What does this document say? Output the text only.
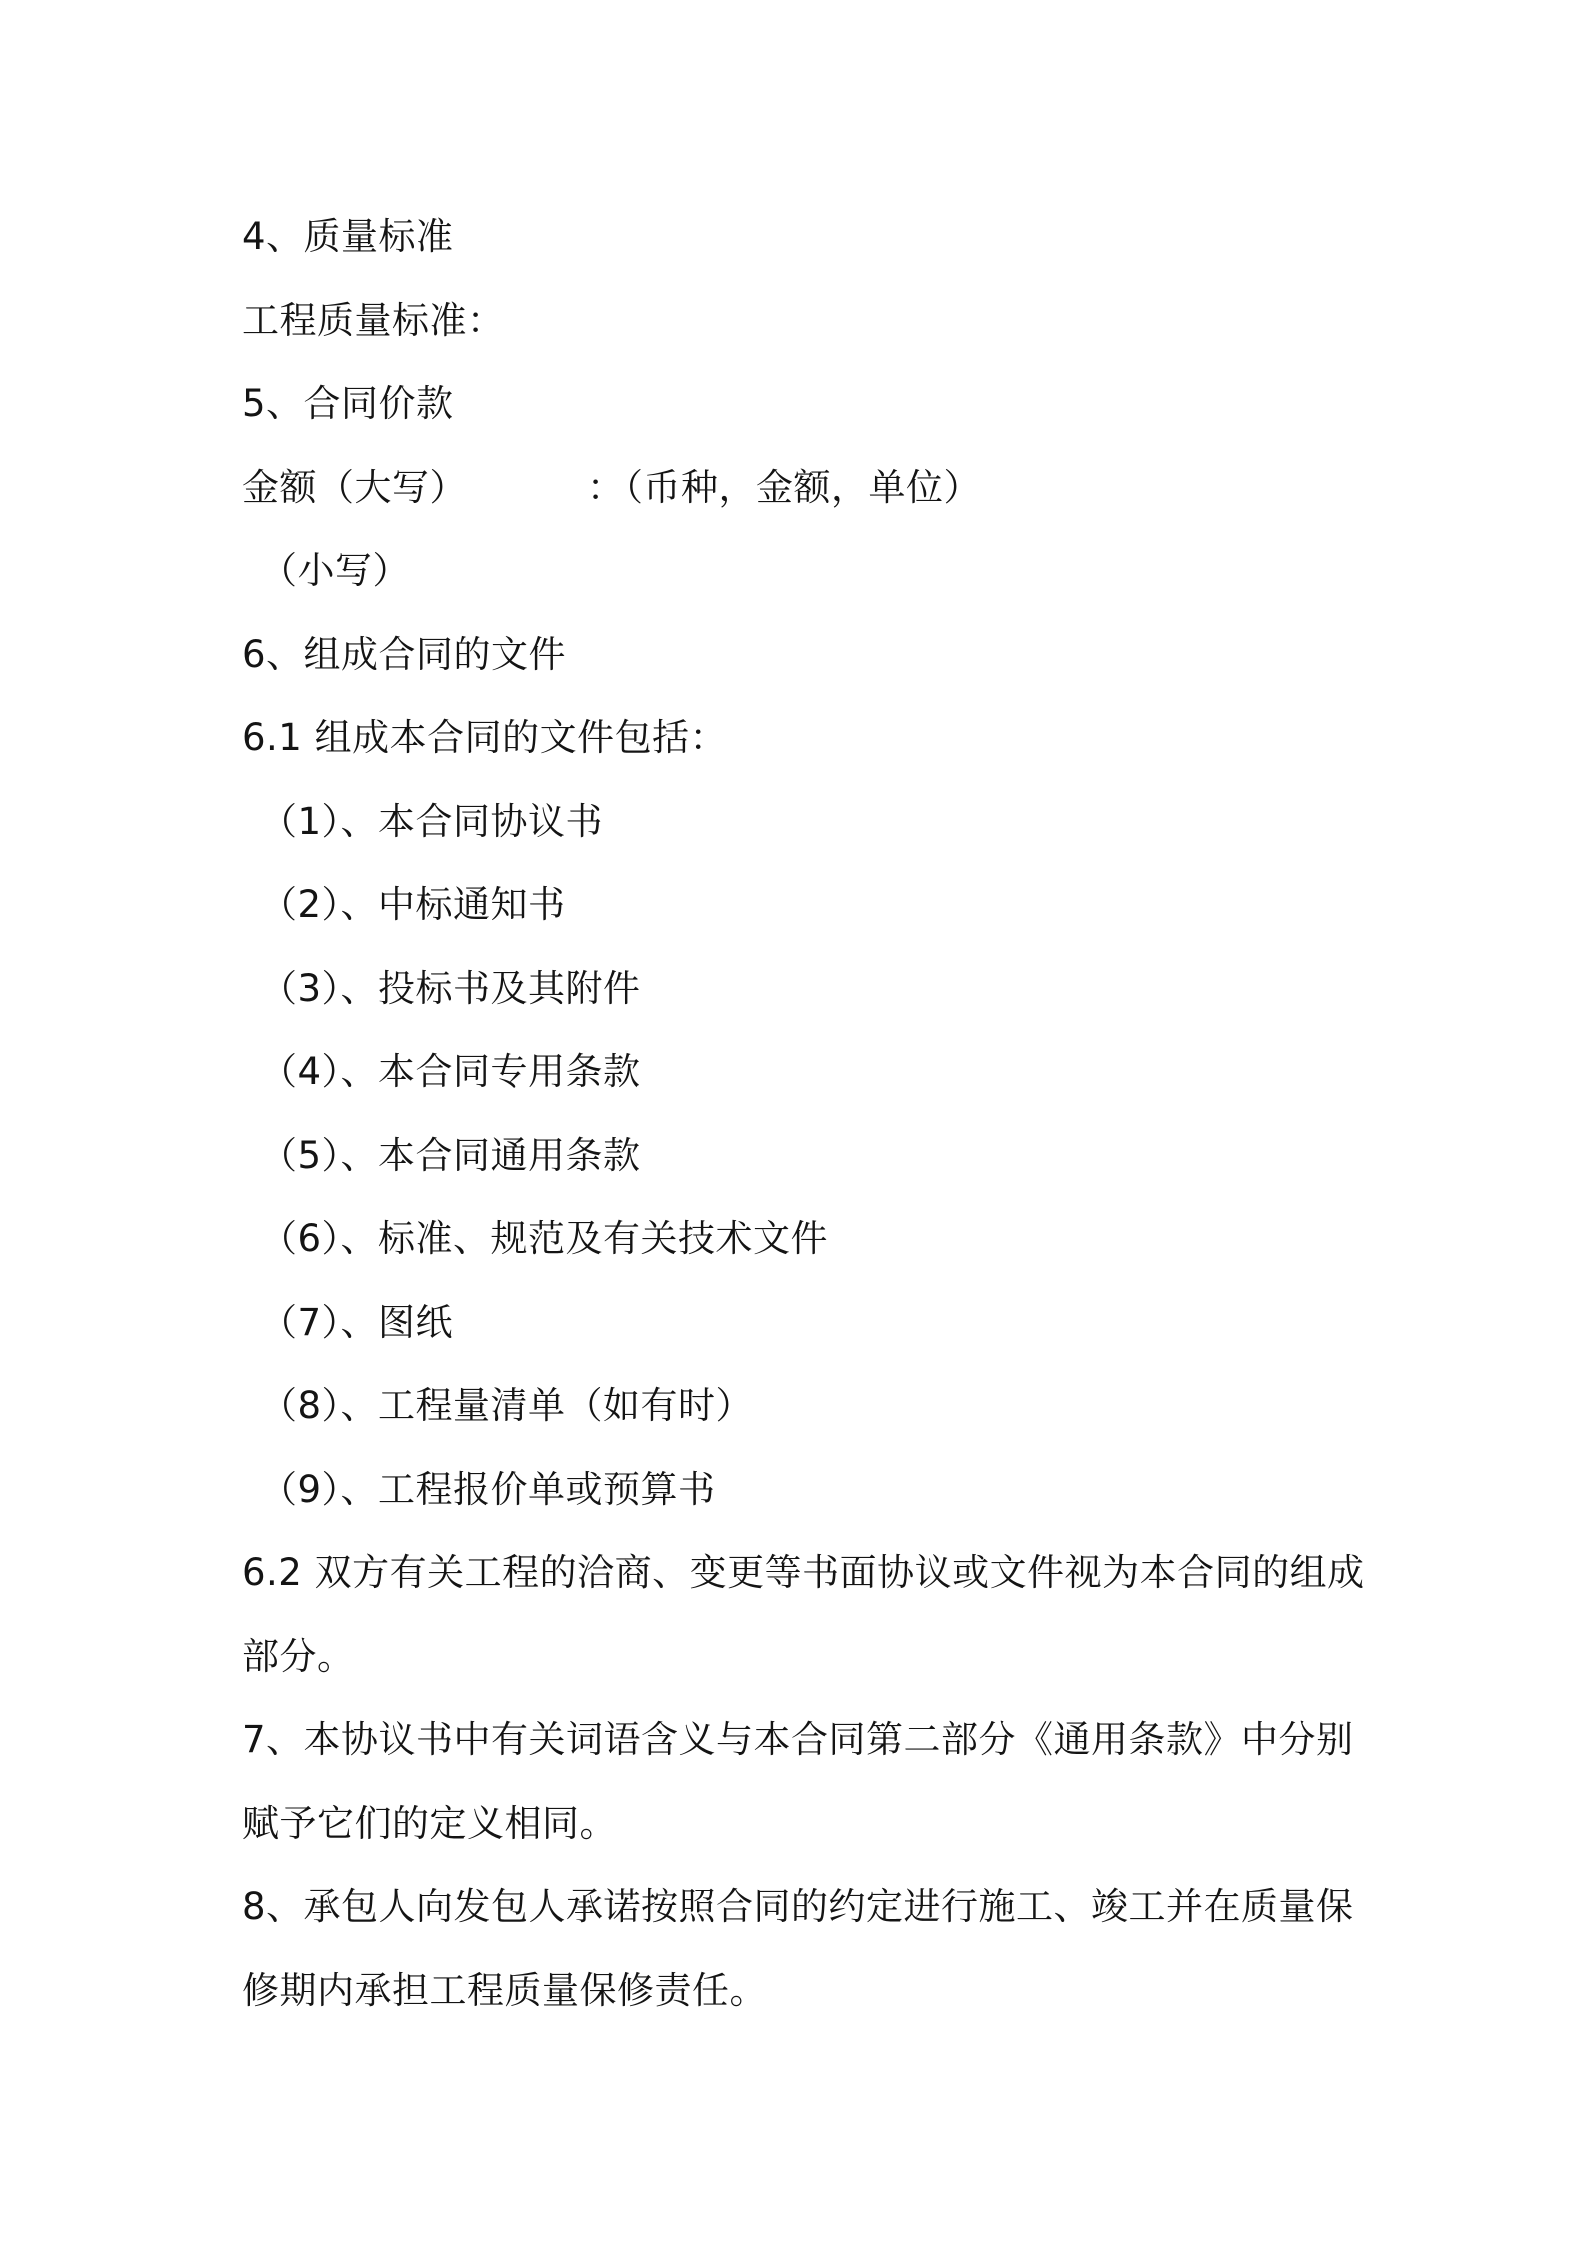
4、质量标准
工程质量标准：
5、合同价款
金额（大写）	：（币种，金额，单位）
（小写）
6、组成合同的文件
6.1 组成本合同的文件包括：
（1）、本合同协议书
（2）、中标通知书
（3）、投标书及其附件
（4）、本合同专用条款
（5）、本合同通用条款
（6）、标准、规范及有关技术文件
（7）、图纸
（8）、工程量清单（如有时）
（9）、工程报价单或预算书
6.2 双方有关工程的洽商、变更等书面协议或文件视为本合同的组成
部分。
7、本协议书中有关词语含义与本合同第二部分《通用条款》中分别
赋予它们的定义相同。
8、承包人向发包人承诺按照合同的约定进行施工、竣工并在质量保
修期内承担工程质量保修责任。
